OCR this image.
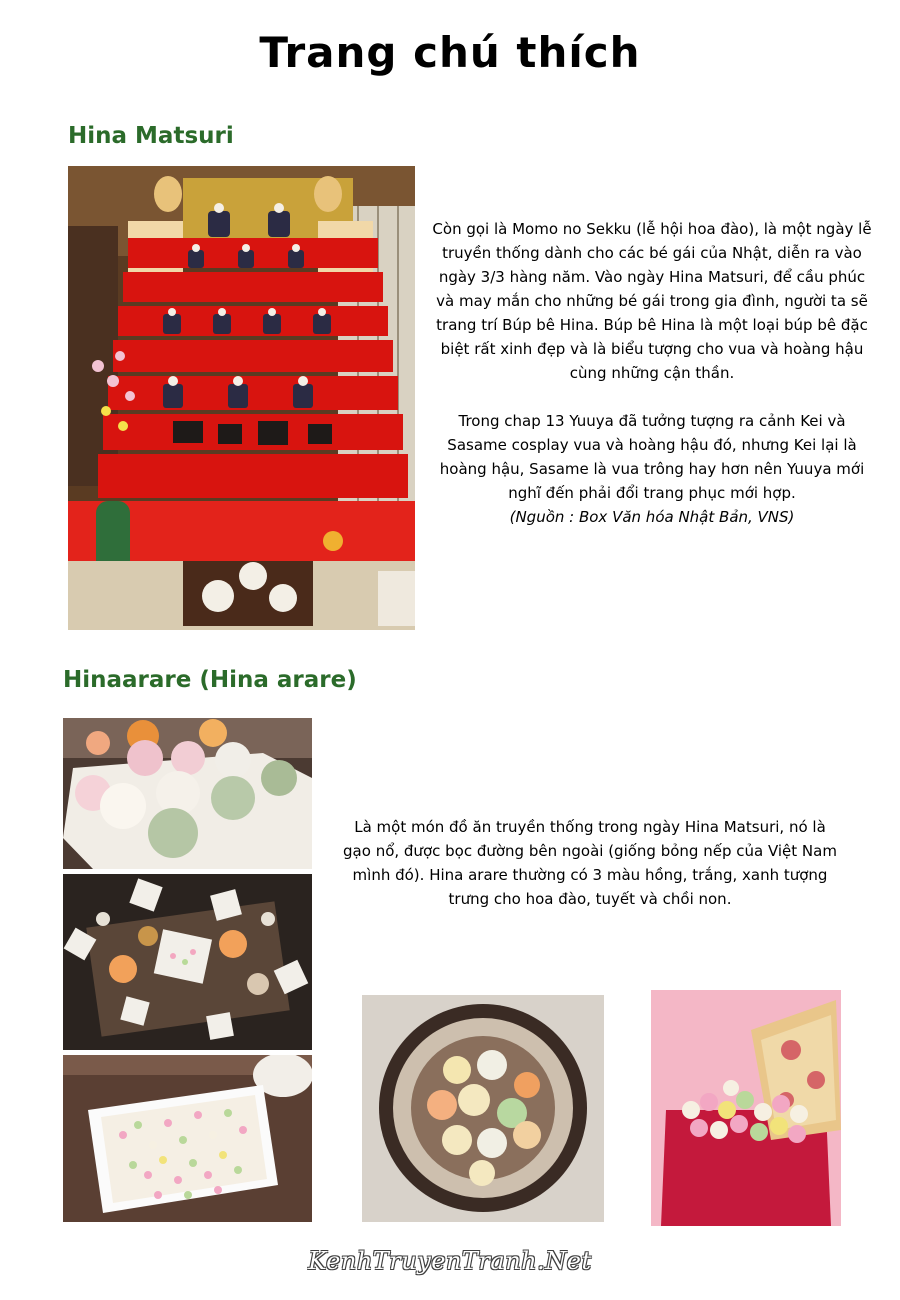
Trang chú thích
Hina Matsuri

Còn gọi là Momo no Sekku (lễ hội hoa đào), là một ngày lễ truyền thống dành cho các bé gái của Nhật, diễn ra vào ngày 3/3 hàng năm. Vào ngày Hina Matsuri, để cầu phúc và may mắn cho những bé gái trong gia đình, người ta sẽ trang trí Búp bê Hina. Búp bê Hina là một loại búp bê đặc biệt rất xinh đẹp và là biểu tượng cho vua và hoàng hậu cùng những cận thần.

Trong chap 13 Yuuya đã tưởng tượng ra cảnh Kei và Sasame cosplay vua và hoàng hậu đó, nhưng Kei lại là hoàng hậu, Sasame là vua trông hay hơn nên Yuuya mới nghĩ đến phải đổi trang phục mới hợp.

(Nguồn : Box Văn hóa Nhật Bản, VNS)

Hinaarare (Hina arare)

Là một món đồ ăn truyền thống trong ngày Hina Matsuri, nó là gạo nổ, được bọc đường bên ngoài (giống bỏng nếp của Việt Nam mình đó). Hina arare thường có 3 màu hồng, trắng, xanh tượng trưng cho hoa đào, tuyết và chồi non.

KenhTruyenTranh.Net
